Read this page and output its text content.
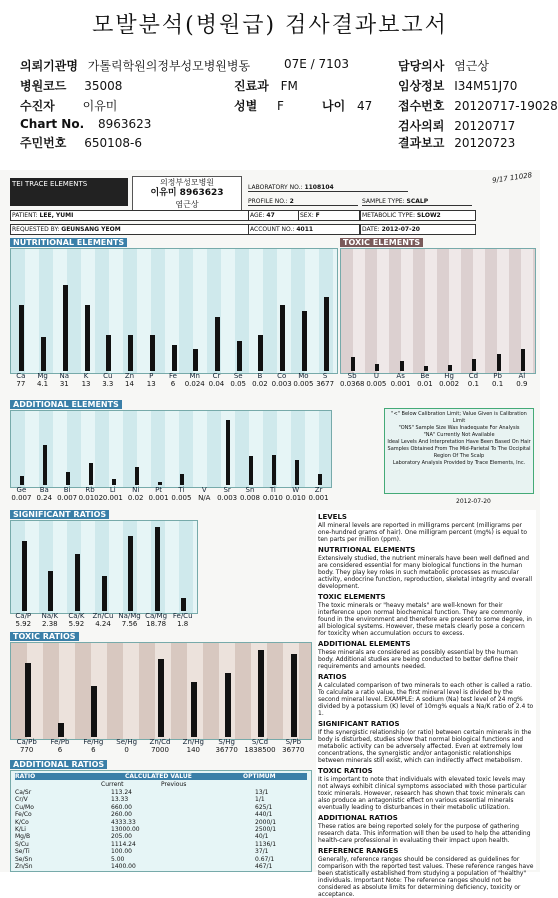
모발분석(병원급) 검사결과보고서
의뢰기관명 가톨릭학원의정부성모병원병동	07E / 7103	담당의사 염근상
병원코드 35008	진료과 FM	임상정보 I34M51J70
수진자 이유미	성별 F	나이 47 접수번호 20120717-19028
Chart No. 8963623	검사의뢰 20120717
주민번호 650108-6	결과보고 20120723
TEI TRACE ELEMENTS	의정부성모병원
이유미 8963623
염근상
9/17 11028
LABORATORY NO.: 1108104
PROFILE NO.: 2	SAMPLE TYPE: SCALP
PATIENT: LEE, YUMI	AGE: 47	SEX: F	METABOLIC TYPE: SLOW2
REQUESTED BY: GEUNSANG YEOM	ACCOUNT NO.: 4011	DATE: 2012-07-20
NUTRITIONAL ELEMENTS
Ca
77
Mg
4.1
Na
31
K
13
Cu
3.3
Zn
14
P
13
Fe
6
Mn
0.024
Cr
0.04
Se
0.05
B
0.02
Co
0.003
Mo
0.005
S
3677
TOXIC ELEMENTS
Sb
0.0368
U
0.005
As
0.001
Be
0.01
Hg
0.002
Cd
0.1
Pb
0.1
Al
0.9
ADDITIONAL ELEMENTS
Ge
0.007
Ba
0.24
Bi
0.007
Rb
0.0102
Li
0.001
Ni
0.02
Pt
0.001
Ti
0.005
V
N/A
Sr
0.003
Sn
0.008
Ti
0.010
W
0.010
Zr
0.001
"<" Below Calibration Limit; Value Given is Calibration Limit
"ONS" Sample Size Was Inadequate For Analysis
"NA" Currently Not Available
Ideal Levels And Interpretation Have Been Based On Hair Samples Obtained From The Mid-Parietal To The Occipital Region Of The Scalp
Laboratory Analysis Provided by Trace Elements, Inc.
2012-07-20
SIGNIFICANT RATIOS
Ca/P
5.92
Na/K
2.38
Ca/K
5.92
Zn/Cu
4.24
Na/Mg
7.56
Ca/Mg
18.78
Fe/Cu
1.8
TOXIC RATIOS
Ca/Pb
770
Fe/Pb
6
Fe/Hg
6
Se/Hg
0
Zn/Cd
7000
Zn/Hg
140
S/Hg
36770
S/Cd
1838500
S/Pb
36770
ADDITIONAL RATIOS
RATIO	CALCULATED VALUE	OPTIMUM
Current	Previous
Ca/Sr	113.24	13/1
Cr/V	13.33	1/1
Cu/Mo	660.00	625/1
Fe/Co	260.00	440/1
K/Co	4333.33	2000/1
K/Li	13000.00	2500/1
Mg/B	205.00	40/1
S/Cu	1114.24	1136/1
Se/Ti	100.00	37/1
Se/Sn	5.00	0.67/1
Zn/Sn	1400.00	467/1
LEVELS

All mineral levels are reported in milligrams percent (milligrams per one-hundred grams of hair). One milligram percent (mg%) is equal to ten parts per million (ppm).

NUTRITIONAL ELEMENTS

Extensively studied, the nutrient minerals have been well defined and are considered essential for many biological functions in the human body. They play key roles in such metabolic processes as muscular activity, endocrine function, reproduction, skeletal integrity and overall development.

TOXIC ELEMENTS

The toxic minerals or "heavy metals" are well-known for their interference upon normal biochemical function. They are commonly found in the environment and therefore are present to some degree, in all biological systems. However, these metals clearly pose a concern for toxicity when accumulation occurs to excess.

ADDITIONAL ELEMENTS

These minerals are considered as possibly essential by the human body. Additional studies are being conducted to better define their requirements and amounts needed.

RATIOS

A calculated comparison of two minerals to each other is called a ratio. To calculate a ratio value, the first mineral level is divided by the second mineral level. EXAMPLE: A sodium (Na) test level of 24 mg% divided by a potassium (K) level of 10mg% equals a Na/K ratio of 2.4 to 1.

SIGNIFICANT RATIOS

If the synergistic relationship (or ratio) between certain minerals in the body is disturbed, studies show that normal biological functions and metabolic activity can be adversely affected. Even at extremely low concentrations, the synergistic and/or antagonistic relationships between minerals still exist, which can indirectly affect metabolism.

TOXIC RATIOS

It is important to note that individuals with elevated toxic levels may not always exhibit clinical symptoms associated with those particular toxic minerals. However, research has shown that toxic minerals can also produce an antagonistic effect on various essential minerals eventually leading to disturbances in their metabolic utilization.

ADDITIONAL RATIOS

These ratios are being reported solely for the purpose of gathering research data. This information will then be used to help the attending health-care professional in evaluating their impact upon health.

REFERENCE RANGES

Generally, reference ranges should be considered as guidelines for comparison with the reported test values. These reference ranges have been statistically established from studying a population of "healthy" individuals. Important Note: The reference ranges should not be considered as absolute limits for determining deficiency, toxicity or acceptance.
